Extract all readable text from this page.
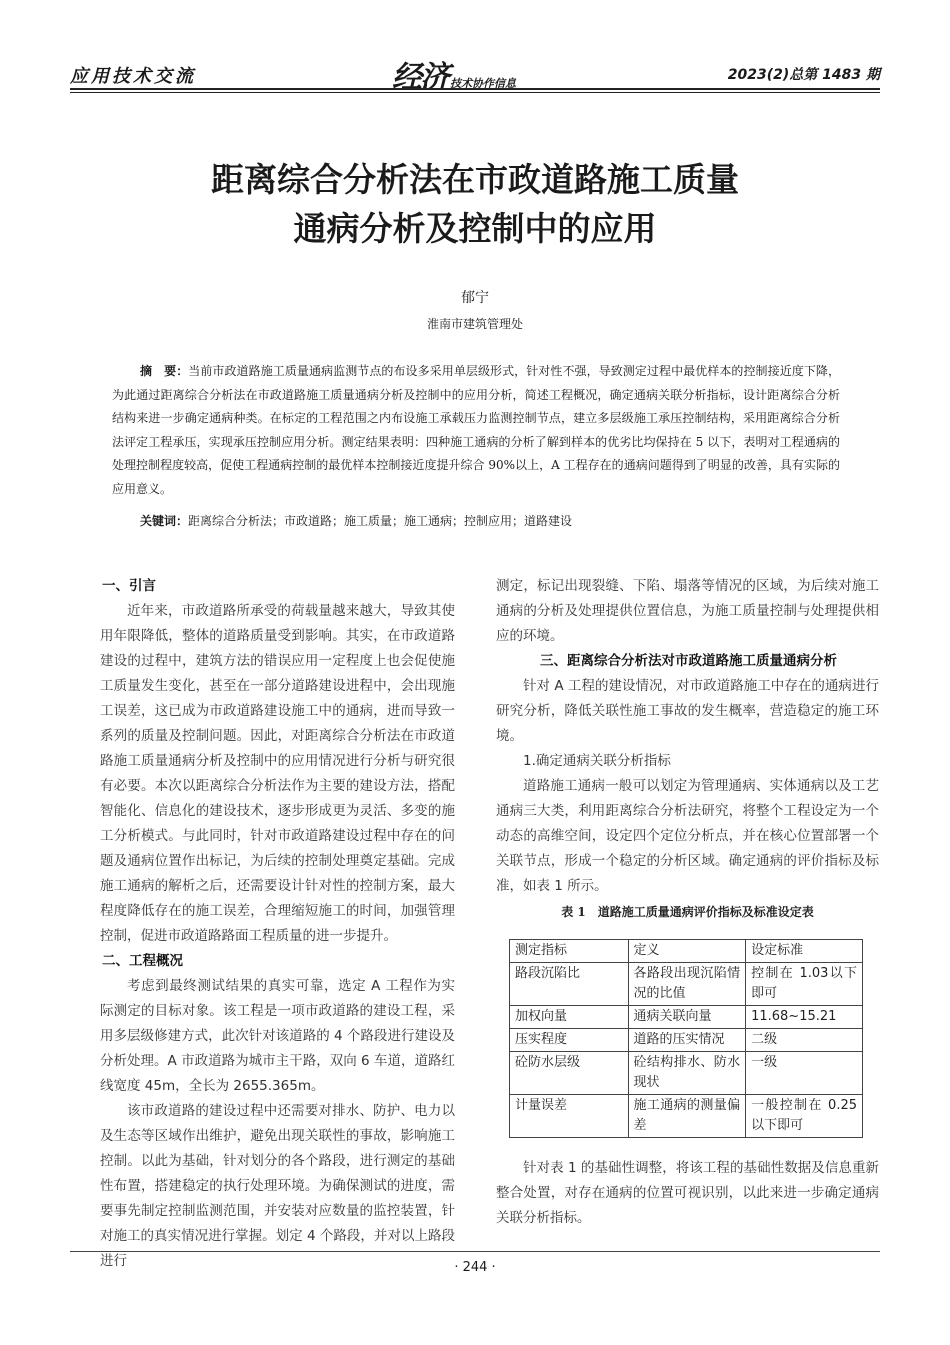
应用技术交流	经济 技术协作信息
2023(2)总第 1483 期
距离综合分析法在市政道路施工质量
通病分析及控制中的应用
郁宁
淮南市建筑管理处
摘　要：当前市政道路施工质量通病监测节点的布设多采用单层级形式，针对性不强，导致测定过程中最优样本的控制接近度下降，为此通过距离综合分析法在市政道路施工质量通病分析及控制中的应用分析，简述工程概况，确定通病关联分析指标，设计距离综合分析结构来进一步确定通病种类。在标定的工程范围之内布设施工承载压力监测控制节点，建立多层级施工承压控制结构，采用距离综合分析法评定工程承压，实现承压控制应用分析。测定结果表明：四种施工通病的分析了解到样本的优劣比均保持在 5 以下，表明对工程通病的处理控制程度较高，促使工程通病控制的最优样本控制接近度提升综合 90%以上，A 工程存在的通病问题得到了明显的改善，具有实际的应用意义。
关键词：距离综合分析法；市政道路；施工质量；施工通病；控制应用；道路建设
一、引言

近年来，市政道路所承受的荷载量越来越大，导致其使用年限降低，整体的道路质量受到影响。其实，在市政道路建设的过程中，建筑方法的错误应用一定程度上也会促使施工质量发生变化，甚至在一部分道路建设进程中，会出现施工误差，这已成为市政道路建设施工中的通病，进而导致一系列的质量及控制问题。因此，对距离综合分析法在市政道路施工质量通病分析及控制中的应用情况进行分析与研究很有必要。本次以距离综合分析法作为主要的建设方法，搭配智能化、信息化的建设技术，逐步形成更为灵活、多变的施工分析模式。与此同时，针对市政道路建设过程中存在的问题及通病位置作出标记，为后续的控制处理奠定基础。完成施工通病的解析之后，还需要设计针对性的控制方案，最大程度降低存在的施工误差，合理缩短施工的时间，加强管理控制，促进市政道路路面工程质量的进一步提升。

二、工程概况

考虑到最终测试结果的真实可靠，选定 A 工程作为实际测定的目标对象。该工程是一项市政道路的建设工程，采用多层级修建方式，此次针对该道路的 4 个路段进行建设及分析处理。A 市政道路为城市主干路，双向 6 车道，道路红线宽度 45m，全长为 2655.365m。

该市政道路的建设过程中还需要对排水、防护、电力以及生态等区域作出维护，避免出现关联性的事故，影响施工控制。以此为基础，针对划分的各个路段，进行测定的基础性布置，搭建稳定的执行处理环境。为确保测试的进度，需要事先制定控制监测范围，并安装对应数量的监控装置，针对施工的真实情况进行掌握。划定 4 个路段，并对以上路段进行

测定，标记出现裂缝、下陷、塌落等情况的区域，为后续对施工通病的分析及处理提供位置信息，为施工质量控制与处理提供相应的环境。

三、距离综合分析法对市政道路施工质量通病分析

针对 A 工程的建设情况，对市政道路施工中存在的通病进行研究分析，降低关联性施工事故的发生概率，营造稳定的施工环境。

1.确定通病关联分析指标

道路施工通病一般可以划定为管理通病、实体通病以及工艺通病三大类，利用距离综合分析法研究，将整个工程设定为一个动态的高维空间，设定四个定位分析点，并在核心位置部署一个关联节点，形成一个稳定的分析区域。确定通病的评价指标及标准，如表 1 所示。

表 1　道路施工质量通病评价指标及标准设定表
测定指标	定义	设定标准
路段沉陷比	各路段出现沉陷情况的比值	控制在 1.03以下即可
加权向量	通病关联向量	11.68~15.21
压实程度	道路的压实情况	二级
砼防水层级	砼结构排水、防水现状	一级
计量误差	施工通病的测量偏差	一般控制在 0.25以下即可

针对表 1 的基础性调整，将该工程的基础性数据及信息重新整合处置，对存在通病的位置可视识别，以此来进一步确定通病关联分析指标。

· 244 ·
